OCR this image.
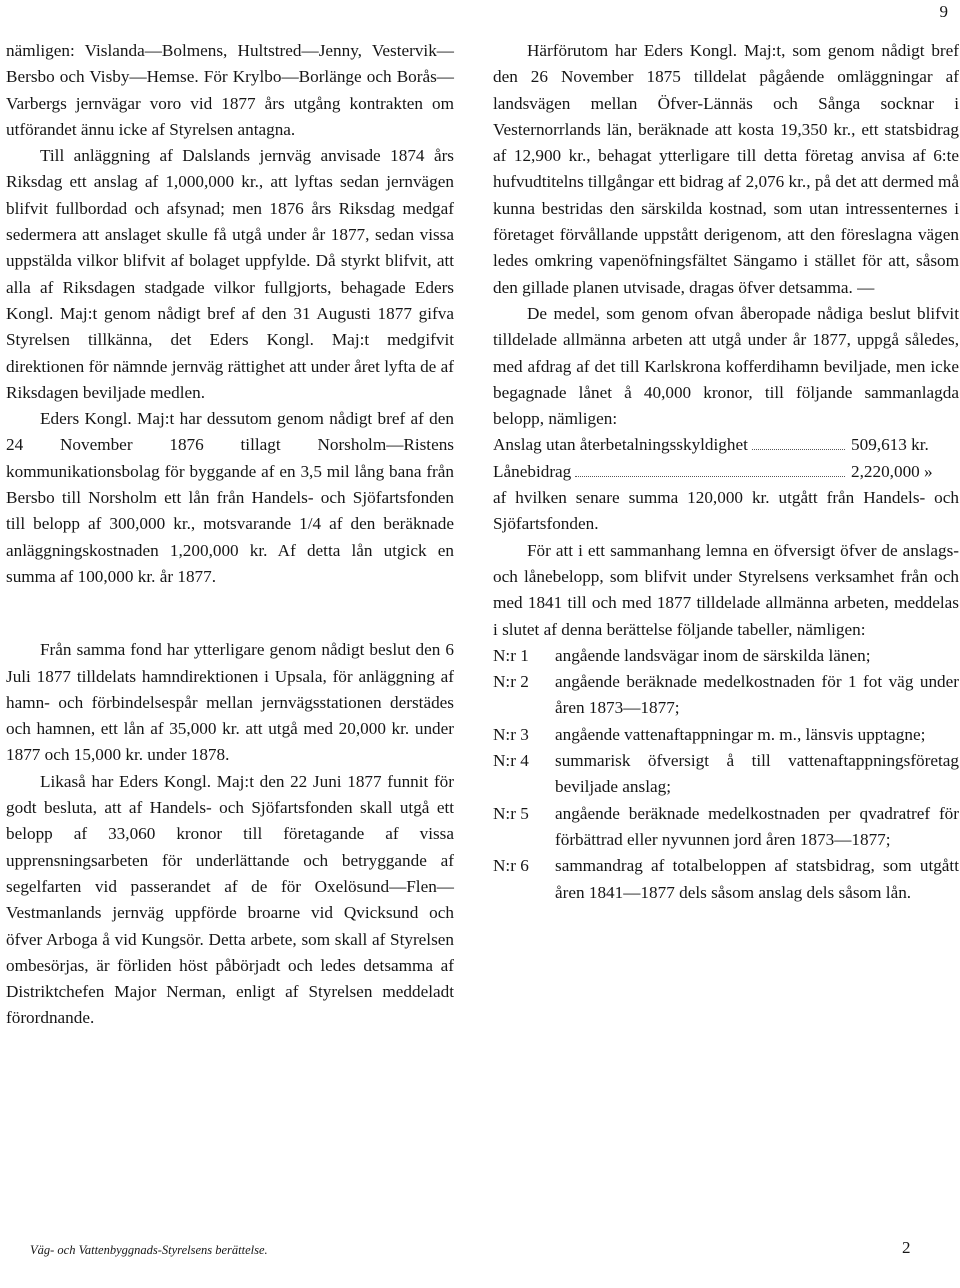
9

nämligen: Vislanda—Bolmens, Hultstred—Jenny, Vestervik—Bersbo och Visby—Hemse. För Krylbo—Borlänge och Borås—Varbergs jernvägar voro vid 1877 års utgång kontrakten om utförandet ännu icke af Styrelsen antagna.

Till anläggning af Dalslands jernväg anvisade 1874 års Riksdag ett anslag af 1,000,000 kr., att lyftas sedan jernvägen blifvit fullbordad och afsynad; men 1876 års Riksdag medgaf sedermera att anslaget skulle få utgå under år 1877, sedan vissa uppstälda vilkor blifvit af bolaget uppfylde. Då styrkt blifvit, att alla af Riksdagen stadgade vilkor fullgjorts, behagade Eders Kongl. Maj:t genom nådigt bref af den 31 Augusti 1877 gifva Styrelsen tillkänna, det Eders Kongl. Maj:t medgifvit direktionen för nämnde jernväg rättighet att under året lyfta de af Riksdagen beviljade medlen.

Eders Kongl. Maj:t har dessutom genom nådigt bref af den 24 November 1876 tillagt Norsholm—Ristens kommunikationsbolag för byggande af en 3,5 mil lång bana från Bersbo till Norsholm ett lån från Handels- och Sjöfartsfonden till belopp af 300,000 kr., motsvarande 1/4 af den beräknade anläggningskostnaden 1,200,000 kr. Af detta lån utgick en summa af 100,000 kr. år 1877.

Från samma fond har ytterligare genom nådigt beslut den 6 Juli 1877 tilldelats hamndirektionen i Upsala, för anläggning af hamn- och förbindelsespår mellan jernvägsstationen derstädes och hamnen, ett lån af 35,000 kr. att utgå med 20,000 kr. under 1877 och 15,000 kr. under 1878.

Likaså har Eders Kongl. Maj:t den 22 Juni 1877 funnit för godt besluta, att af Handels- och Sjöfartsfonden skall utgå ett belopp af 33,060 kronor till företagande af vissa upprensningsarbeten för underlättande och betryggande af segelfarten vid passerandet af de för Oxelösund—Flen—Vestmanlands jernväg uppförde broarne vid Qvicksund och öfver Arboga å vid Kungsör. Detta arbete, som skall af Styrelsen ombesörjas, är förliden höst påbörjadt och ledes detsamma af Distriktchefen Major Nerman, enligt af Styrelsen meddeladt förordnande.

Härförutom har Eders Kongl. Maj:t, som genom nådigt bref den 26 November 1875 tilldelat pågående omläggningar af landsvägen mellan Öfver-Lännäs och Sånga socknar i Vesternorrlands län, beräknade att kosta 19,350 kr., ett statsbidrag af 12,900 kr., behagat ytterligare till detta företag anvisa af 6:te hufvudtitelns tillgångar ett bidrag af 2,076 kr., på det att dermed må kunna bestridas den särskilda kostnad, som utan intressenternes i företaget förvållande uppstått derigenom, att den föreslagna vägen ledes omkring vapenöfningsfältet Sängamo i stället för att, såsom den gillade planen utvisade, dragas öfver detsamma. —

De medel, som genom ofvan åberopade nådiga beslut blifvit tilldelade allmänna arbeten att utgå under år 1877, uppgå således, med afdrag af det till Karlskrona kofferdihamn beviljade, men icke begagnade lånet å 40,000 kronor, till följande sammanlagda belopp, nämligen:

Anslag utan återbetalningsskyldighet	509,613 kr.
Lånebidrag	2,220,000 »

af hvilken senare summa 120,000 kr. utgått från Handels- och Sjöfartsfonden.

För att i ett sammanhang lemna en öfversigt öfver de anslags- och lånebelopp, som blifvit under Styrelsens verksamhet från och med 1841 till och med 1877 tilldelade allmänna arbeten, meddelas i slutet af denna berättelse följande tabeller, nämligen:

N:r 1	angående landsvägar inom de särskilda länen;
N:r 2	angående beräknade medelkostnaden för 1 fot väg under åren 1873—1877;
N:r 3	angående vattenaftappningar m. m., länsvis upptagne;
N:r 4	summarisk öfversigt å till vattenaftappningsföretag beviljade anslag;
N:r 5	angående beräknade medelkostnaden per qvadratref för förbättrad eller nyvunnen jord åren 1873—1877;
N:r 6	sammandrag af totalbeloppen af statsbidrag, som utgått åren 1841—1877 dels såsom anslag dels såsom lån.
Väg- och Vattenbyggnads-Styrelsens berättelse.	2
